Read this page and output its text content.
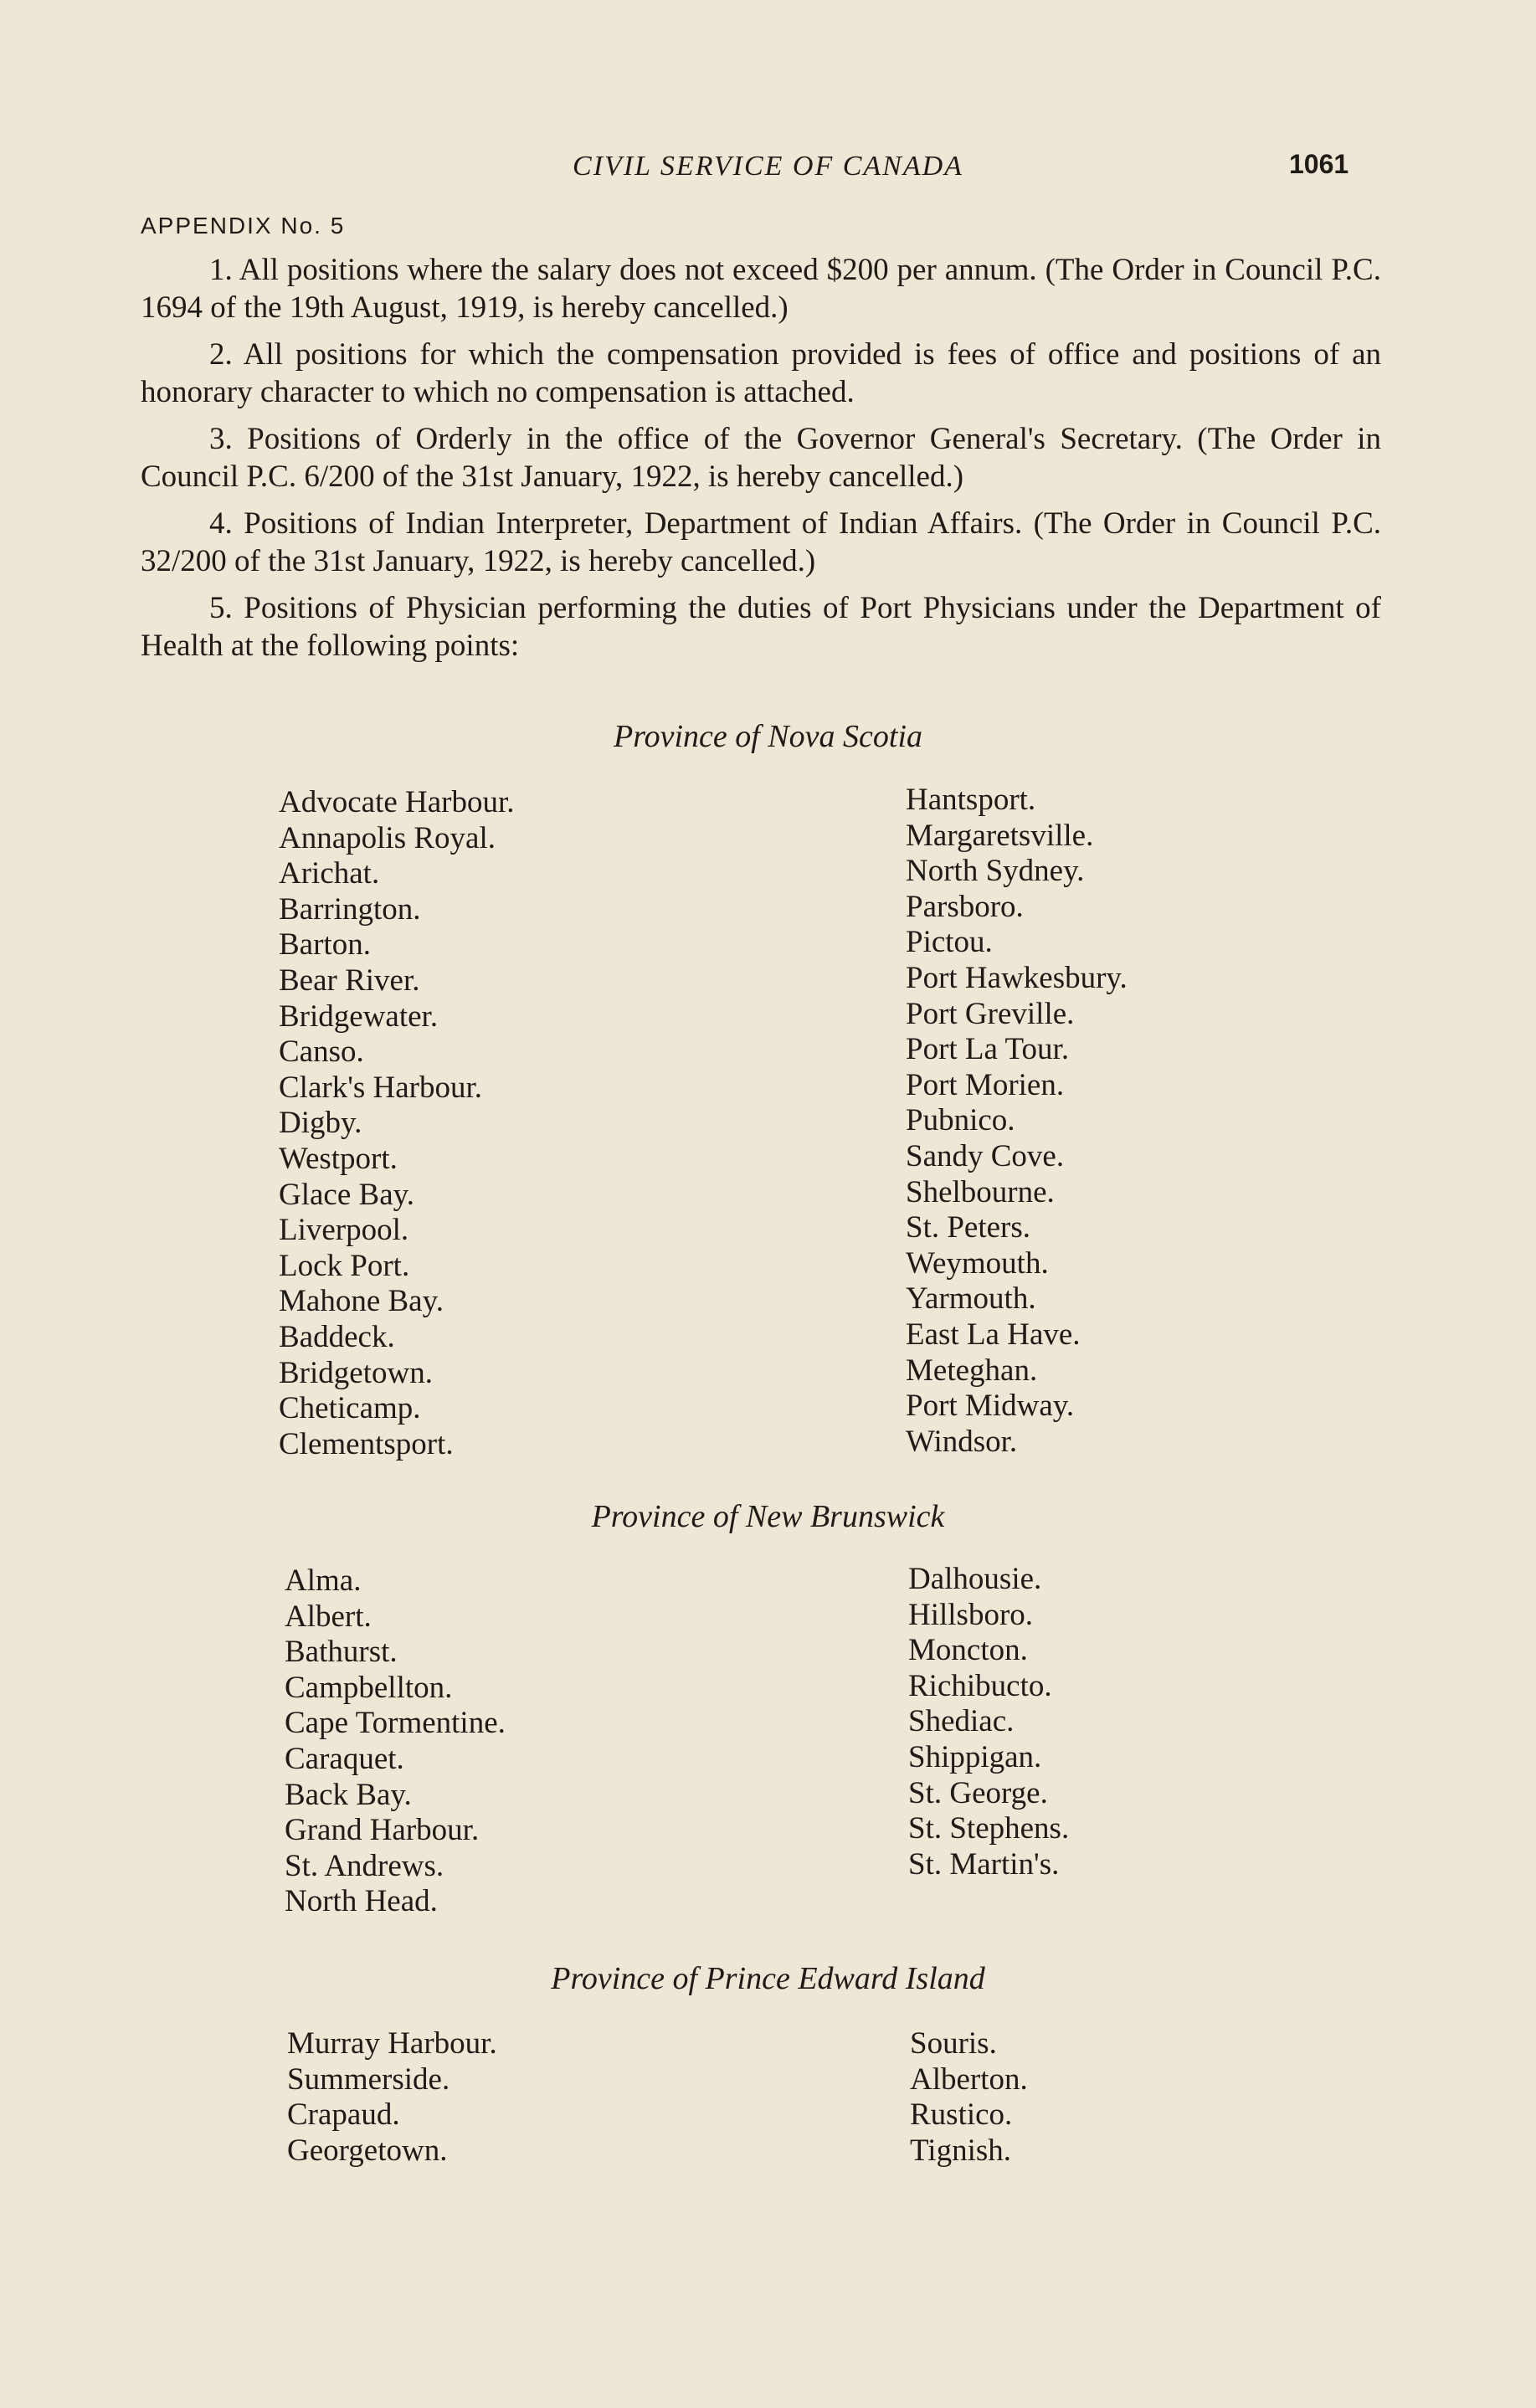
CIVIL SERVICE OF CANADA	1061
APPENDIX No. 5

1. All positions where the salary does not exceed $200 per annum. (The Order in Council P.C. 1694 of the 19th August, 1919, is hereby cancelled.)

2. All positions for which the compensation provided is fees of office and positions of an honorary character to which no compensation is attached.

3. Positions of Orderly in the office of the Governor General's Secretary. (The Order in Council P.C. 6/200 of the 31st January, 1922, is hereby cancelled.)

4. Positions of Indian Interpreter, Department of Indian Affairs. (The Order in Council P.C. 32/200 of the 31st January, 1922, is hereby cancelled.)

5. Positions of Physician performing the duties of Port Physicians under the Department of Health at the following points:

Province of Nova Scotia
Advocate Harbour.
Annapolis Royal.
Arichat.
Barrington.
Barton.
Bear River.
Bridgewater.
Canso.
Clark's Harbour.
Digby.
Westport.
Glace Bay.
Liverpool.
Lock Port.
Mahone Bay.
Baddeck.
Bridgetown.
Cheticamp.
Clementsport.
Hantsport.
Margaretsville.
North Sydney.
Parsboro.
Pictou.
Port Hawkesbury.
Port Greville.
Port La Tour.
Port Morien.
Pubnico.
Sandy Cove.
Shelbourne.
St. Peters.
Weymouth.
Yarmouth.
East La Have.
Meteghan.
Port Midway.
Windsor.
Province of New Brunswick
Alma.
Albert.
Bathurst.
Campbellton.
Cape Tormentine.
Caraquet.
Back Bay.
Grand Harbour.
St. Andrews.
North Head.
Dalhousie.
Hillsboro.
Moncton.
Richibucto.
Shediac.
Shippigan.
St. George.
St. Stephens.
St. Martin's.
Province of Prince Edward Island
Murray Harbour.
Summerside.
Crapaud.
Georgetown.
Souris.
Alberton.
Rustico.
Tignish.
